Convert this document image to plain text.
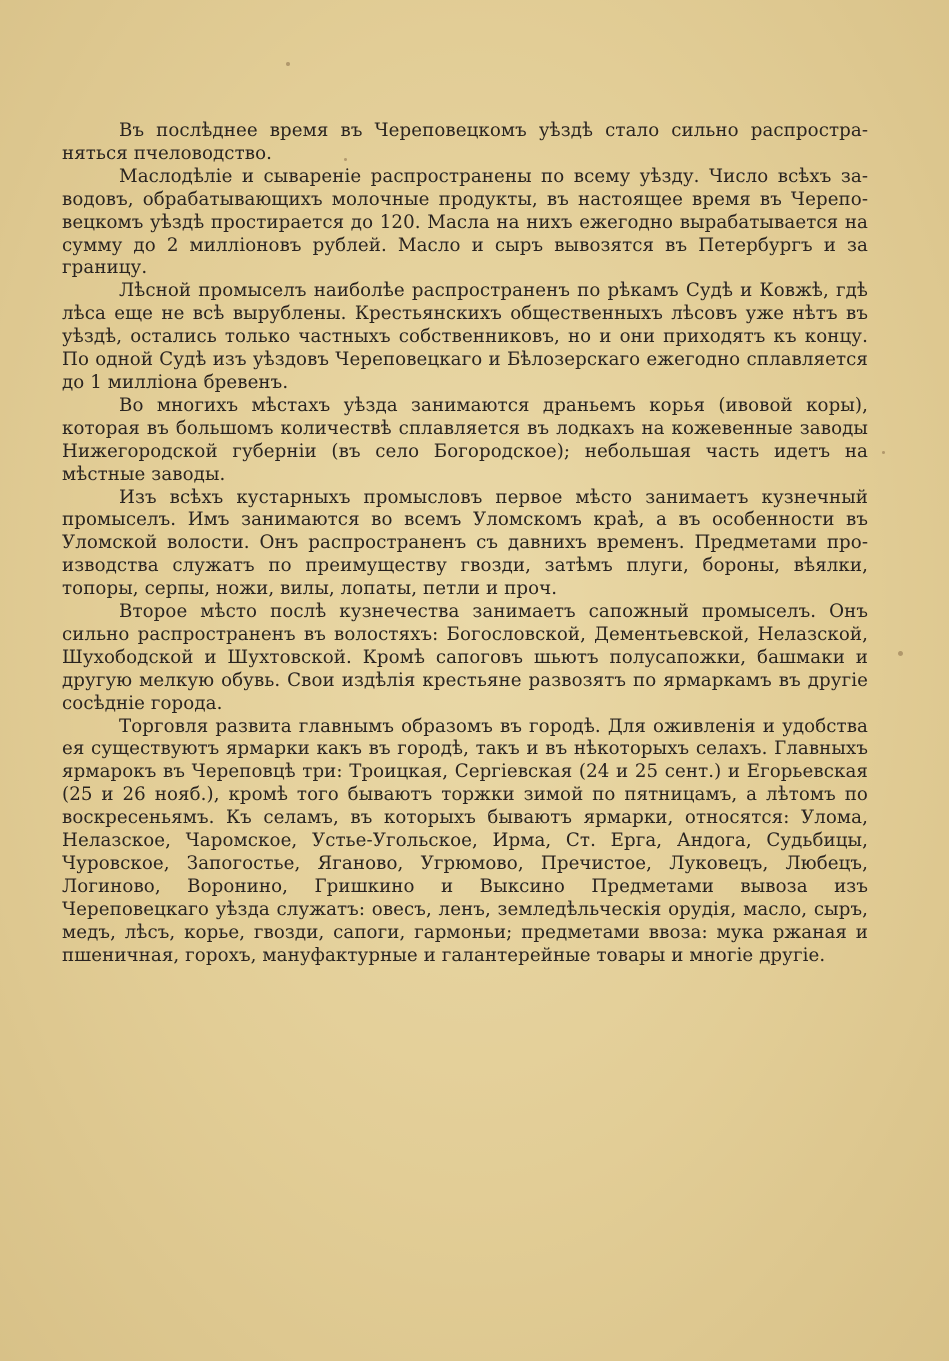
Въ послѣднее время въ Череповецкомъ уѣздѣ стало сильно распространяться пчеловодство.

Маслодѣліе и сывареніе распространены по всему уѣзду. Число всѣхъ заводовъ, обрабатывающихъ молочные продукты, въ настоящее время въ Череповецкомъ уѣздѣ простирается до 120. Масла на нихъ ежегодно вырабатывается на сумму до 2 милліоновъ рублей. Масло и сыръ вывозятся въ Петербургъ и за границу.

Лѣсной промыселъ наиболѣе распространенъ по рѣкамъ Судѣ и Ковжѣ, гдѣ лѣса еще не всѣ вырублены. Крестьянскихъ общественныхъ лѣсовъ уже нѣтъ въ уѣздѣ, остались только частныхъ собственниковъ, но и они приходятъ къ концу. По одной Судѣ изъ уѣздовъ Череповецкаго и Бѣлозерскаго ежегодно сплавляется до 1 милліона бревенъ.

Во многихъ мѣстахъ уѣзда занимаются драньемъ корья (ивовой коры), которая въ большомъ количествѣ сплавляется въ лодкахъ на кожевенные заводы Нижегородской губерніи (въ село Богородское); небольшая часть идетъ на мѣстные заводы.

Изъ всѣхъ кустарныхъ промысловъ первое мѣсто занимаетъ кузнечный промыселъ. Имъ занимаются во всемъ Уломскомъ краѣ, а въ особенности въ Уломской волости. Онъ распространенъ съ давнихъ временъ. Предметами производства служатъ по преимуществу гвозди, затѣмъ плуги, бороны, вѣялки, топоры, серпы, ножи, вилы, лопаты, петли и проч.

Второе мѣсто послѣ кузнечества занимаетъ сапожный промыселъ. Онъ сильно распространенъ въ волостяхъ: Богословской, Дементьевской, Нелазской, Шухободской и Шухтовской. Кромѣ сапоговъ шьютъ полусапожки, башмаки и другую мелкую обувь. Свои издѣлія крестьяне развозятъ по ярмаркамъ въ другіе сосѣдніе города.

Торговля развита главнымъ образомъ въ городѣ. Для оживленія и удобства ея существуютъ ярмарки какъ въ городѣ, такъ и въ нѣкоторыхъ селахъ. Главныхъ ярмарокъ въ Череповцѣ три: Троицкая, Сергіевская (24 и 25 сент.) и Егорьевская (25 и 26 нояб.), кромѣ того бываютъ торжки зимой по пятницамъ, а лѣтомъ по воскресеньямъ. Къ селамъ, въ которыхъ бываютъ ярмарки, относятся: Улома, Нелазское, Чаромское, Устье-Угольское, Ирма, Ст. Ерга, Андога, Судьбицы, Чуровское, Запогостье, Яганово, Угрюмово, Пречистое, Луковецъ, Любецъ, Логиново, Воронино, Гришкино и Выксино Предметами вывоза изъ Череповецкаго уѣзда служатъ: овесъ, ленъ, земледѣльческія орудія, масло, сыръ, медъ, лѣсъ, корье, гвозди, сапоги, гармоньи; предметами ввоза: мука ржаная и пшеничная, горохъ, мануфактурные и галантерейные товары и многіе другіе.
